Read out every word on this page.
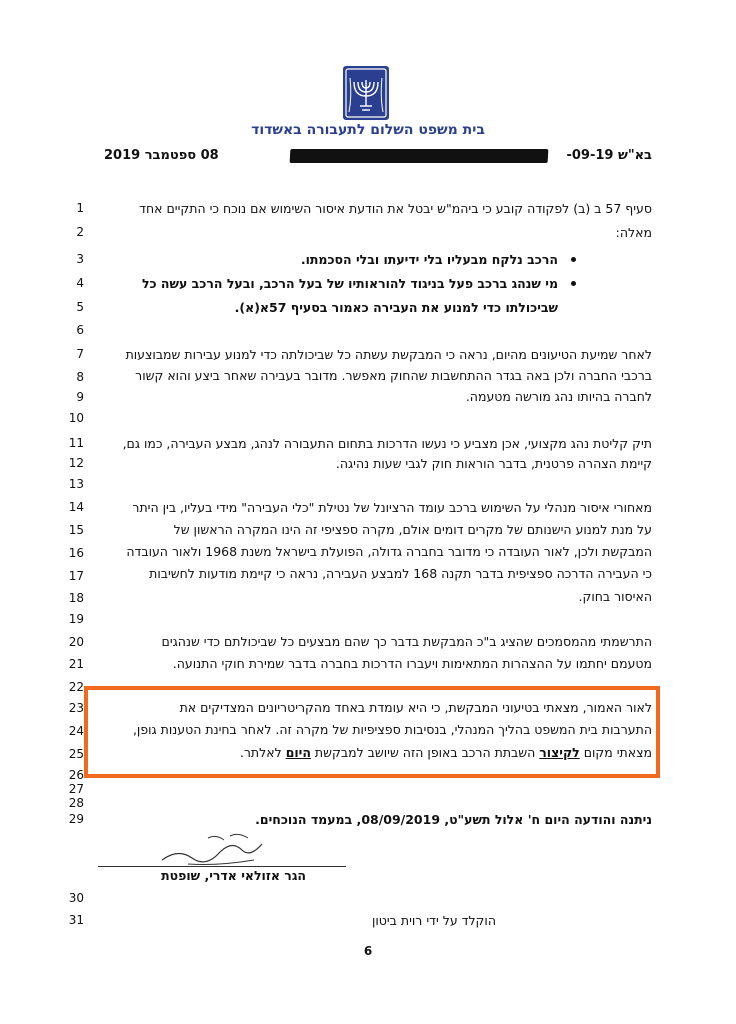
בית משפט השלום לתעבורה באשדוד
בא"ש 09-19-
08 ספטמבר 2019
1
2
3
4
5
6
7
8
9
10
11
12
13
14
15
16
17
18
19
20
21
22
23
24
25
26
27
28
29
30
31
סעיף 57 ב (ב) לפקודה קובע כי ביהמ"ש יבטל את הודעת איסור השימוש אם נוכח כי התקיים אחד
מאלה:
הרכב נלקח מבעליו בלי ידיעתו ובלי הסכמתו.
מי שנהג ברכב פעל בניגוד להוראותיו של בעל הרכב, ובעל הרכב עשה כל
שביכולתו כדי למנוע את העבירה כאמור בסעיף 57א(א).
לאחר שמיעת הטיעונים מהיום, נראה כי המבקשת עשתה כל שביכולתה כדי למנוע עבירות שמבוצעות
ברכבי החברה ולכן באה בגדר ההתחשבות שהחוק מאפשר. מדובר בעבירה שאחר ביצע והוא קשור
לחברה בהיותו נהג מורשה מטעמה.
תיק קליטת נהג מקצועי, אכן מצביע כי נעשו הדרכות בתחום התעבורה לנהג, מבצע העבירה, כמו גם,
קיימת הצהרה פרטנית, בדבר הוראות חוק לגבי שעות נהיגה.
מאחורי איסור מנהלי על השימוש ברכב עומד הרציונל של נטילת "כלי העבירה" מידי בעליו, בין היתר
על מנת למנוע הישנותם של מקרים דומים אולם, מקרה ספציפי זה הינו המקרה הראשון של
המבקשת ולכן, לאור העובדה כי מדובר בחברה גדולה, הפועלת בישראל משנת 1968 ולאור העובדה
כי העבירה הדרכה ספציפית בדבר תקנה 168 למבצע העבירה, נראה כי קיימת מודעות לחשיבות
האיסור בחוק.
התרשמתי מהמסמכים שהציג ב"כ המבקשת בדבר כך שהם מבצעים כל שביכולתם כדי שנהגים
מטעמם יחתמו על ההצהרות המתאימות ויעברו הדרכות בחברה בדבר שמירת חוקי התנועה.
לאור האמור, מצאתי בטיעוני המבקשת, כי היא עומדת באחד מהקריטריונים המצדיקים את
התערבות בית המשפט בהליך המנהלי, בנסיבות ספציפיות של מקרה זה. לאחר בחינת הטענות גופן,
מצאתי מקום לקיצור השבתת הרכב באופן הזה שיושב למבקשת היום לאלתר.
ניתנה והודעה היום ח' אלול תשע"ט, 08/09/2019, במעמד הנוכחים.
הגר אזולאי אדרי, שופטת
הוקלד על ידי רוית ביטון
6
